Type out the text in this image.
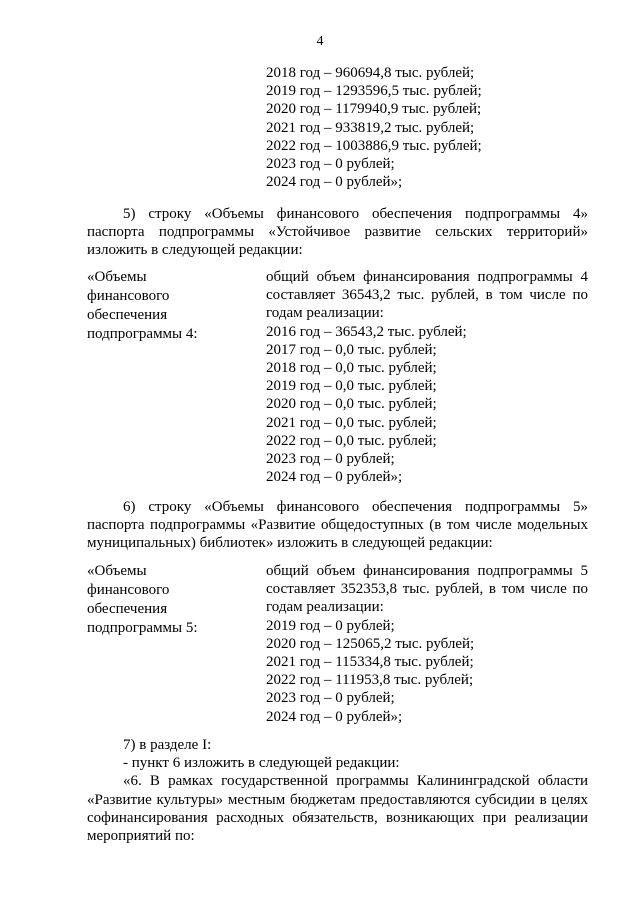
4
2018 год – 960694,8 тыс. рублей;
2019 год – 1293596,5 тыс. рублей;
2020 год – 1179940,9 тыс. рублей;
2021 год – 933819,2 тыс. рублей;
2022 год – 1003886,9 тыс. рублей;
2023 год – 0 рублей;
2024 год – 0 рублей»;
5) строку «Объемы финансового обеспечения подпрограммы 4» паспорта подпрограммы «Устойчивое развитие сельских территорий» изложить в следующей редакции:
«Объемы
финансового
обеспечения
подпрограммы 4:
общий объем финансирования подпрограммы 4 составляет 36543,2 тыс. рублей, в том числе по годам реализации:
2016 год – 36543,2 тыс. рублей;
2017 год – 0,0 тыс. рублей;
2018 год – 0,0 тыс. рублей;
2019 год – 0,0 тыс. рублей;
2020 год – 0,0 тыс. рублей;
2021 год – 0,0 тыс. рублей;
2022 год – 0,0 тыс. рублей;
2023 год – 0 рублей;
2024 год – 0 рублей»;
6) строку «Объемы финансового обеспечения подпрограммы 5» паспорта подпрограммы «Развитие общедоступных (в том числе модельных муниципальных) библиотек» изложить в следующей редакции:
«Объемы
финансового
обеспечения
подпрограммы 5:
общий объем финансирования подпрограммы 5 составляет 352353,8 тыс. рублей, в том числе по годам реализации:
2019 год – 0 рублей;
2020 год – 125065,2 тыс. рублей;
2021 год – 115334,8 тыс. рублей;
2022 год – 111953,8 тыс. рублей;
2023 год – 0 рублей;
2024 год – 0 рублей»;
7) в разделе I:
- пункт 6 изложить в следующей редакции:
«6. В рамках государственной программы Калининградской области «Развитие культуры» местным бюджетам предоставляются субсидии в целях софинансирования расходных обязательств, возникающих при реализации мероприятий по:
